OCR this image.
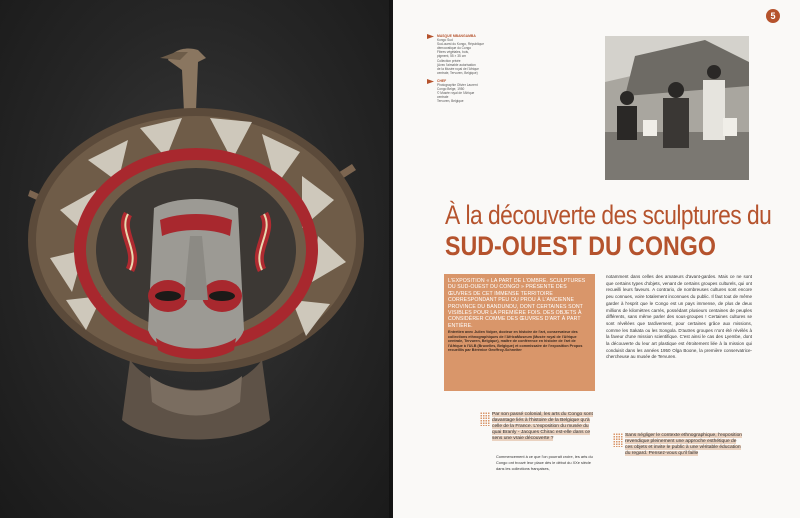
5
MASQUE MBANGAMBA
Kongo Sud
Sud-ouest du Kongo, République
démocratique du Congo
Fibres végétales, bois,
pigment, 55 × 35 cm
Collection privée
(Avec l'aimable autorisation
de la Musée royal de l'Afrique
centrale, Tervuren, Belgique)
CHEF
Photographie Olivier Laurent
Congo Belge, 1950
© Musée royal de l'Afrique
centrale
Tervuren, Belgique
À la découverte des sculptures du
SUD-OUEST DU CONGO
L'EXPOSITION « LA PART DE L'OMBRE. SCULPTURES DU SUD-OUEST DU CONGO » PRÉSENTE DES ŒUVRES DE CET IMMENSE TERRITOIRE CORRESPONDANT PEU OU PROU À L'ANCIENNE PROVINCE DU BANDUNDU, DONT CERTAINES SONT VISIBLES POUR LA PREMIÈRE FOIS. DES OBJETS À CONSIDÉRER COMME DES ŒUVRES D'ART À PART ENTIÈRE.
Entretien avec Julien Volper, docteur en histoire de l'art, conservateur des collections ethnographiques de l'AfricaMuseum (Musée royal de l'Afrique centrale, Tervuren, Belgique), maître de conférence en histoire de l'art de l'Afrique à l'ULB (Bruxelles, Belgique) et commissaire de l'exposition Propos recueillis par Bérénice Geoffroy-Schneiter
notamment dans celles des amateurs d'avant-gardes. Mais ce ne sont que certains types d'objets, venant de certains groupes culturels, qui ont recueilli leurs faveurs. A contrario, de nombreuses cultures sont encore peu connues, voire totalement inconnues du public. Il faut tout de même garder à l'esprit que le Congo est un pays immense, de plus de deux millions de kilomètres carrés, possédant plusieurs centaines de peuples différents, sans même parler des sous-groupes ! Certaines cultures se sont révélées que tardivement, pour certaines grâce aux missions, comme les Sakata ou les Songola. D'autres groupes n'ont été révélés à la faveur d'une mission scientifique. C'est ainsi le cas des Lyembe, dont la découverte du leur art plastique est étroitement liée à la mission qui conduisit dans les années 1950 Olga Boone, la première conservatrice-chercheuse au musée de Tervuren.
Par son passé colonial, les arts du Congo sont davantage liés à l'histoire de la Belgique qu'à celle de la France. L'exposition du musée du quai Branly - Jacques Chirac est-elle dans ce sens une vraie découverte ?
Commencement à ce que l'on pourrait croire, les arts du Congo ont trouvé leur place dès le début du XXe siècle dans les collections françaises,
Sans négliger le contexte ethnographique, l'exposition revendique pleinement une approche esthétique de ces objets et invite le public à une véritable éducation du regard. Pensez-vous qu'il faille
